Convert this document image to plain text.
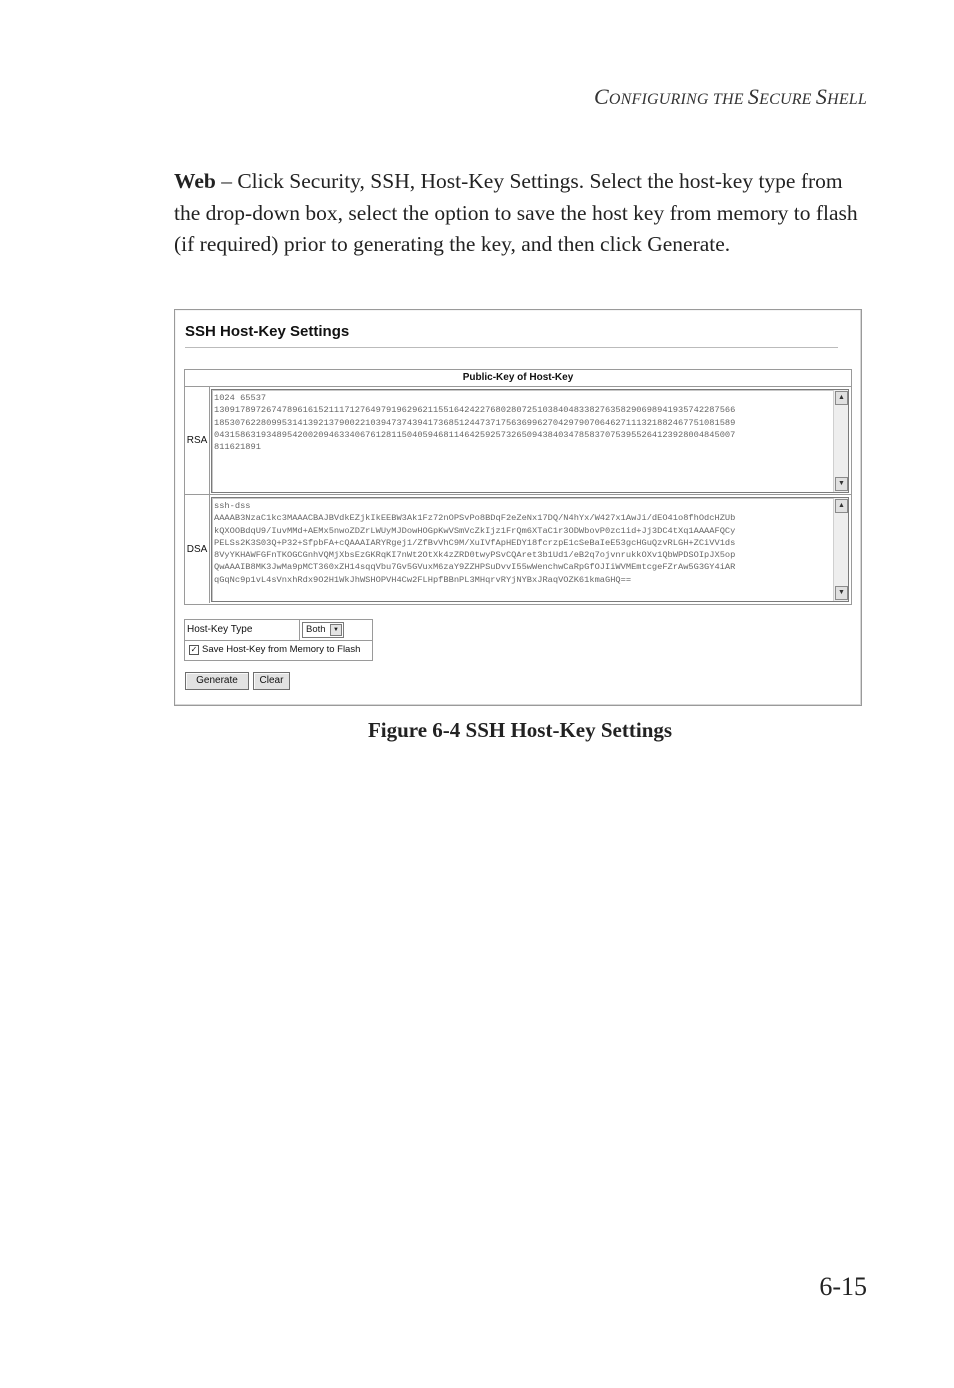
CONFIGURING THE SECURE SHELL
Web – Click Security, SSH, Host-Key Settings. Select the host-key type from the drop-down box, select the option to save the host key from memory to flash (if required) prior to generating the key, and then click Generate.
SSH Host-Key Settings
Public-Key of Host-Key
RSA
1024 65537
1309178972674789616152111712764979196296211551642422768028072510384048338276358290698941935742287566
1853076228099531413921379002210394737439417368512447371756369962704297907064627111321882467751081589
0431586319348954200209463340676128115040594681146425925732650943840347858370753955264123928004845007
811621891
▲
▼
DSA
ssh-dss
AAAAB3NzaC1kc3MAAACBAJBVdkEZjkIkEEBW3Ak1Fz72nOPSvPo8BDqF2eZeNx17DQ/N4hYx/W427x1AwJi/dEO41o8fhOdcHZUb
kQXOOBdqU9/IuvMMd+AEMx5nwoZDZrLWUyMJDowHOGpKwVSmVcZkIjz1FrQm6XTaC1r3ODWbovP0zc1id+Jj3DC4tXq1AAAAFQCy
PELSs2K3S03Q+P32+SfpbFA+cQAAAIARYRgej1/ZfBvVhC9M/XuIVfApHEDY18fcrzpE1cSeBaIeE53gcHGuQzvRLGH+ZCiVV1ds
8VyYKHAWFGFnTKOGCGnhVQMjXbsEzGKRqKI7nWt2OtXk4zZRD0twyPSvCQAret3b1Ud1/eB2q7ojvnrukkOXv1QbWPDSOIpJX5op
QwAAAIB8MK3JwMa9pMCT360xZH14sqqVbu7Gv5GVuxM6zaY9ZZHPSuDvvI55wWenchwCaRpGfOJIiWVMEmtcgeFZrAw5G3GY4iAR
qGqNc9p1vL4sVnxhRdx9O2H1WkJhWSHOPVH4Cw2FLHpfBBnPL3MHqrvRYjNYBxJRaqVOZK61kmaGHQ==
▲
▼
Host-Key Type	Both	▼
✓ Save Host-Key from Memory to Flash
Generate	Clear
Figure 6-4 SSH Host-Key Settings
6-15
